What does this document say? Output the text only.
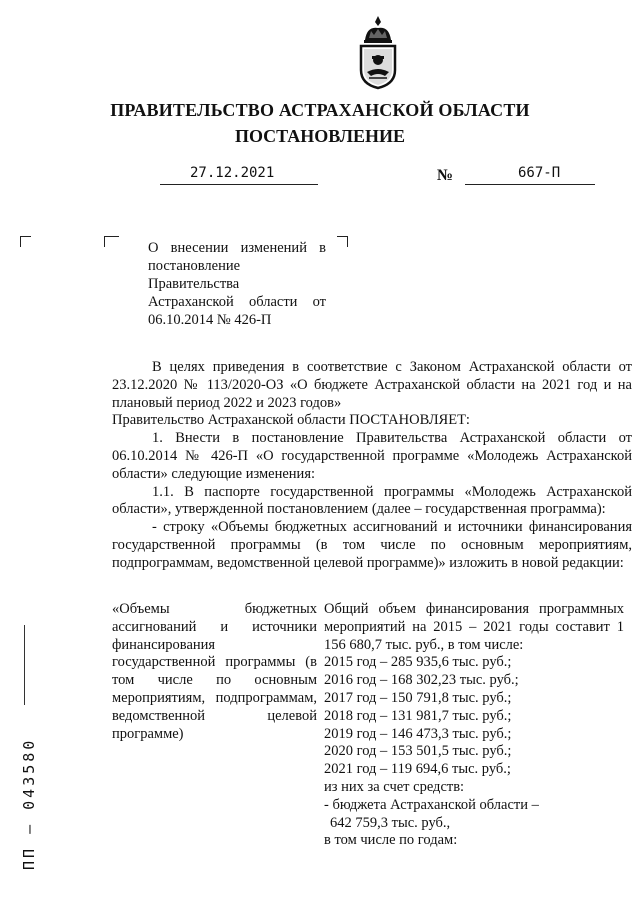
ПРАВИТЕЛЬСТВО АСТРАХАНСКОЙ ОБЛАСТИ
ПОСТАНОВЛЕНИЕ
27.12.2021	№	667-П
О внесении изменений в постановление Правительства Астраханской области от 06.10.2014 № 426-П

В целях приведения в соответствие с Законом Астраханской области от 23.12.2020 № 113/2020-ОЗ «О бюджете Астраханской области на 2021 год и на плановый период 2022 и 2023 годов»

Правительство Астраханской области ПОСТАНОВЛЯЕТ:

1. Внести в постановление Правительства Астраханской области от 06.10.2014 № 426-П «О государственной программе «Молодежь Астраханской области» следующие изменения:

1.1. В паспорте государственной программы «Молодежь Астраханской области», утвержденной постановлением (далее – государственная программа):

- строку «Объемы бюджетных ассигнований и источники финансирования государственной программы (в том числе по основным мероприятиям, подпрограммам, ведомственной целевой программе)» изложить в новой редакции:

«Объемы бюджетных ассигнований и источники финансирования государственной программы (в том числе по основным мероприятиям, подпрограммам, ведомственной целевой программе)

Общий объем финансирования программных мероприятий на 2015 – 2021 годы составит 1 156 680,7 тыс. руб., в том числе:

2015 год – 285 935,6 тыс. руб.;

2016 год – 168 302,23 тыс. руб.;

2017 год – 150 791,8 тыс. руб.;

2018 год – 131 981,7 тыс. руб.;

2019 год – 146 473,3 тыс. руб.;

2020 год – 153 501,5 тыс. руб.;

2021 год – 119 694,6 тыс. руб.;

из них за счет средств:

- бюджета Астраханской области –

642 759,3 тыс. руб.,

в том числе по годам:

ПП – 043580
